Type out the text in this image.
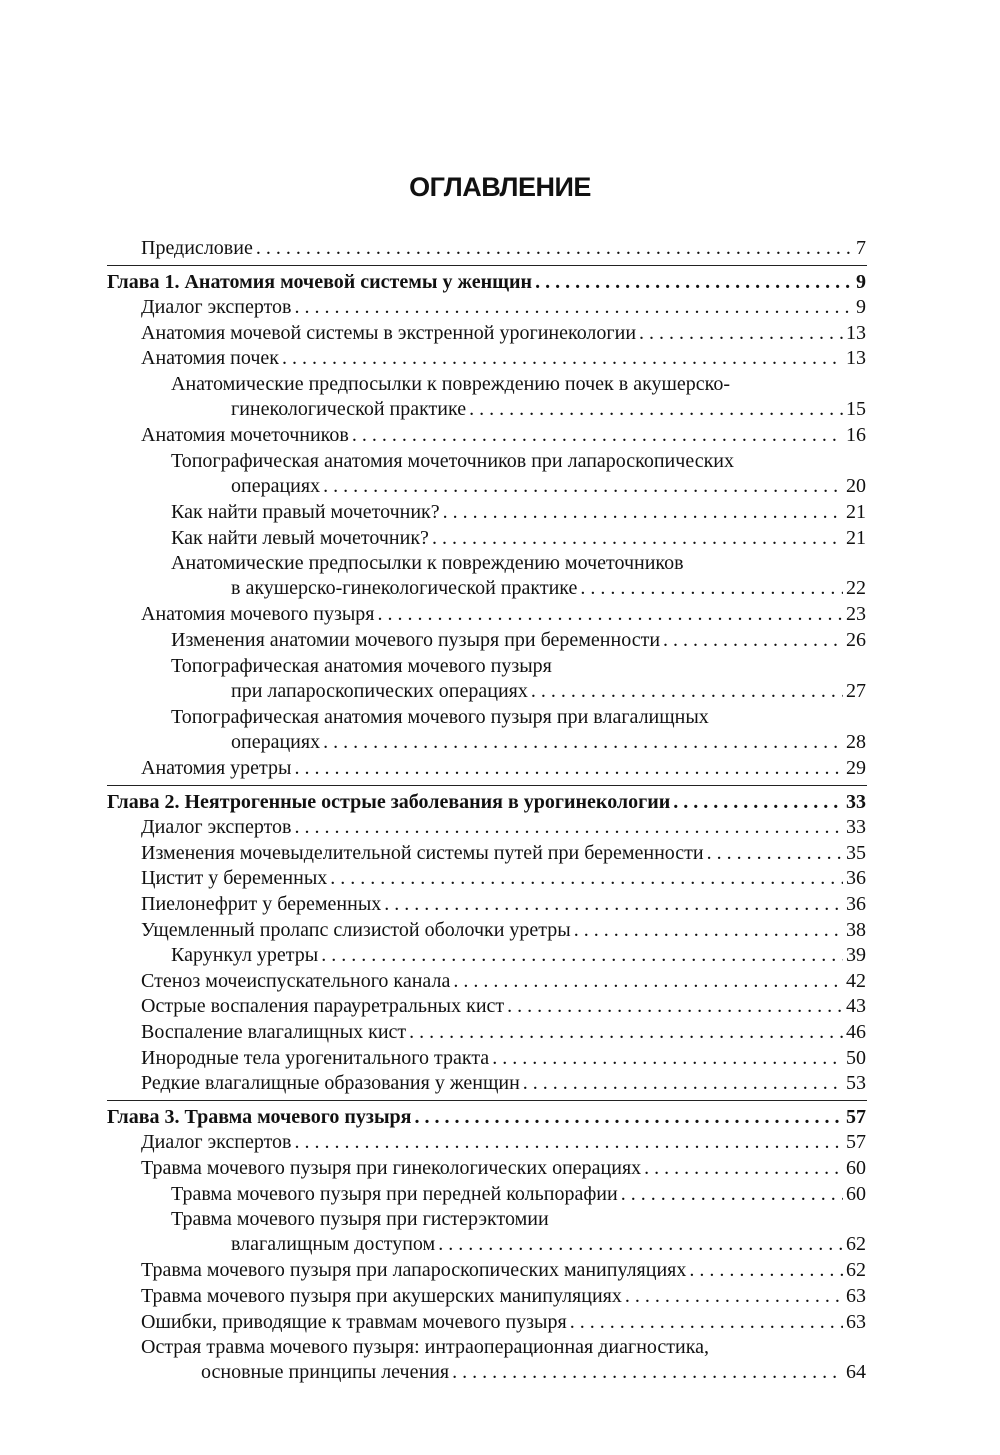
ОГЛАВЛЕНИЕ
Предисловие . . .	7
Глава 1. Анатомия мочевой системы у женщин . . .	9
Диалог экспертов . . .	9
Анатомия мочевой системы в экстренной урогинекологии . . .	13
Анатомия почек . . .	13
Анатомические предпосылки к повреждению почек в акушерско-
гинекологической практике . . .	15
Анатомия мочеточников . . .	16
Топографическая анатомия мочеточников при лапароскопических
операциях . . .	20
Как найти правый мочеточник? . . .	21
Как найти левый мочеточник? . . .	21
Анатомические предпосылки к повреждению мочеточников
в акушерско-гинекологической практике . . .	22
Анатомия мочевого пузыря . . .	23
Изменения анатомии мочевого пузыря при беременности . . .	26
Топографическая анатомия мочевого пузыря
при лапароскопических операциях . . .	27
Топографическая анатомия мочевого пузыря при влагалищных
операциях . . .	28
Анатомия уретры . . .	29
Глава 2. Неятрогенные острые заболевания в урогинекологии . . .	33
Диалог экспертов . . .	33
Изменения мочевыделительной системы путей при беременности . . .	35
Цистит у беременных . . .	36
Пиелонефрит у беременных . . .	36
Ущемленный пролапс слизистой оболочки уретры . . .	38
Карункул уретры . . .	39
Стеноз мочеиспускательного канала . . .	42
Острые воспаления парауретральных кист . . .	43
Воспаление влагалищных кист . . .	46
Инородные тела урогенитального тракта . . .	50
Редкие влагалищные образования у женщин . . .	53
Глава 3. Травма мочевого пузыря . . .	57
Диалог экспертов . . .	57
Травма мочевого пузыря при гинекологических операциях . . .	60
Травма мочевого пузыря при передней кольпорафии . . .	60
Травма мочевого пузыря при гистерэктомии
влагалищным доступом . . .	62
Травма мочевого пузыря при лапароскопических манипуляциях . . .	62
Травма мочевого пузыря при акушерских манипуляциях . . .	63
Ошибки, приводящие к травмам мочевого пузыря . . .	63
Острая травма мочевого пузыря: интраоперационная диагностика,
основные принципы лечения . . .	64
